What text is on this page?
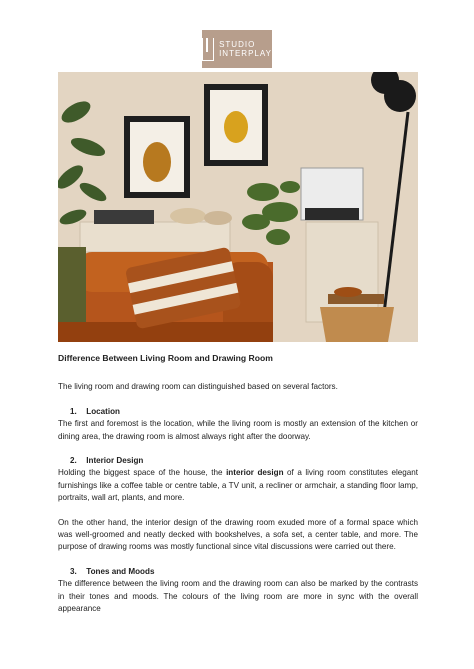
STUDIO
INTERPLAY

Difference Between Living Room and Drawing Room

The living room and drawing room can distinguished based on several factors.

1. Location

The first and foremost is the location, while the living room is mostly an extension of the kitchen or dining area, the drawing room is almost always right after the doorway.

2. Interior Design

Holding the biggest space of the house, the interior design of a living room constitutes elegant furnishings like a coffee table or centre table, a TV unit, a recliner or armchair, a standing floor lamp, portraits, wall art, plants, and more.

On the other hand, the interior design of the drawing room exuded more of a formal space which was well-groomed and neatly decked with bookshelves, a sofa set, a center table, and more. The purpose of drawing rooms was mostly functional since vital discussions were carried out there.

3. Tones and Moods

The difference between the living room and the drawing room can also be marked by the contrasts in their tones and moods. The colours of the living room are more in sync with the overall appearance
